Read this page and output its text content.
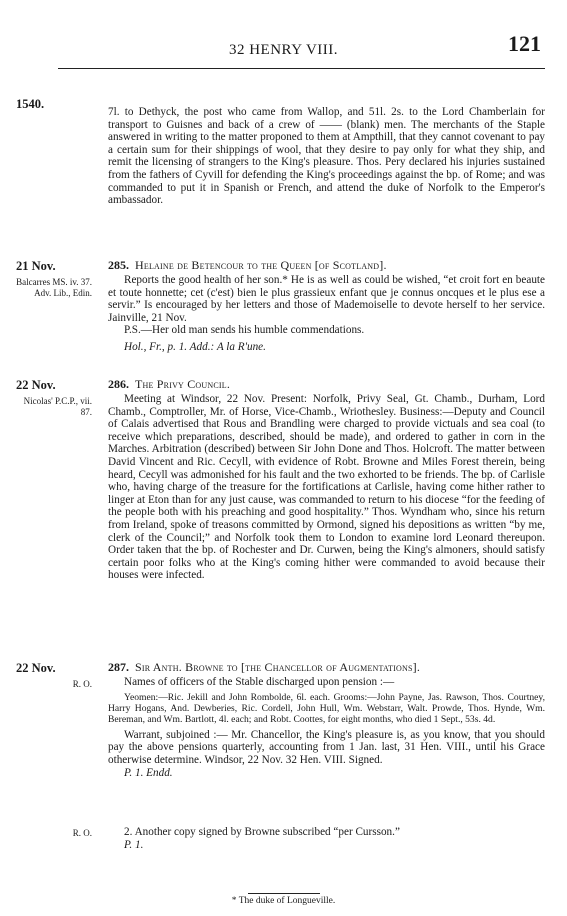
32 HENRY VIII.	121
1540.

7l. to Dethyck, the post who came from Wallop, and 51l. 2s. to the Lord Chamberlain for transport to Guisnes and back of a crew of —— (blank) men. The merchants of the Staple answered in writing to the matter proponed to them at Ampthill, that they cannot covenant to pay a certain sum for their shippings of wool, that they desire to pay only for what they ship, and remit the licensing of strangers to the King's pleasure. Thos. Pery declared his injuries sustained from the fathers of Cyvill for defending the King's proceedings against the bp. of Rome; and was commanded to put it in Spanish or French, and attend the duke of Norfolk to the Emperor's ambassador.

21 Nov.
Balcarres MS. iv. 37. Adv. Lib., Edin.
285. Helaine de Betencour to the Queen [of Scotland].

Reports the good health of her son.* He is as well as could be wished, “et croit fort en beaute et toute honnette; cet (c'est) bien le plus grassieux enfant que je connus oncques et le plus ese a servir.” Is encouraged by her letters and those of Mademoiselle to devote herself to her service. Jainville, 21 Nov.

P.S.—Her old man sends his humble commendations.

Hol., Fr., p. 1. Add.: A la R'une.

22 Nov.
Nicolas' P.C.P., vii. 87.
286. The Privy Council.

Meeting at Windsor, 22 Nov. Present: Norfolk, Privy Seal, Gt. Chamb., Durham, Lord Chamb., Comptroller, Mr. of Horse, Vice-Chamb., Wriothesley. Business:—Deputy and Council of Calais advertised that Rous and Brandling were charged to provide victuals and sea coal (to receive which preparations, described, should be made), and ordered to gather in corn in the Marches. Arbitration (described) between Sir John Done and Thos. Holcroft. The matter between David Vincent and Ric. Cecyll, with evidence of Robt. Browne and Miles Forest therein, being heard, Cecyll was admonished for his fault and the two exhorted to be friends. The bp. of Carlisle who, having charge of the treasure for the fortifications at Carlisle, having come hither rather to linger at Eton than for any just cause, was commanded to return to his diocese “for the feeding of the people both with his preaching and good hospitality.” Thos. Wyndham who, since his return from Ireland, spoke of treasons committed by Ormond, signed his depositions as written “by me, clerk of the Council;” and Norfolk took them to London to examine lord Leonard thereupon. Order taken that the bp. of Rochester and Dr. Curwen, being the King's almoners, should satisfy certain poor folks who at the King's coming hither were commanded to avoid because their houses were infected.

22 Nov.
R. O.
287. Sir Anth. Browne to [the Chancellor of Augmentations].

Names of officers of the Stable discharged upon pension :—

Yeomen:—Ric. Jekill and John Rombolde, 6l. each. Grooms:—John Payne, Jas. Rawson, Thos. Courtney, Harry Hogans, And. Dewberies, Ric. Cordell, John Hull, Wm. Webstarr, Walt. Prowde, Thos. Hynde, Wm. Bereman, and Wm. Bartlott, 4l. each; and Robt. Coottes, for eight months, who died 1 Sept., 53s. 4d.

Warrant, subjoined :— Mr. Chancellor, the King's pleasure is, as you know, that you should pay the above pensions quarterly, accounting from 1 Jan. last, 31 Hen. VIII., until his Grace otherwise determine. Windsor, 22 Nov. 32 Hen. VIII. Signed.

P. 1. Endd.

R. O.	2. Another copy signed by Browne subscribed “per Cursson.”

P. 1.

* The duke of Longueville.
